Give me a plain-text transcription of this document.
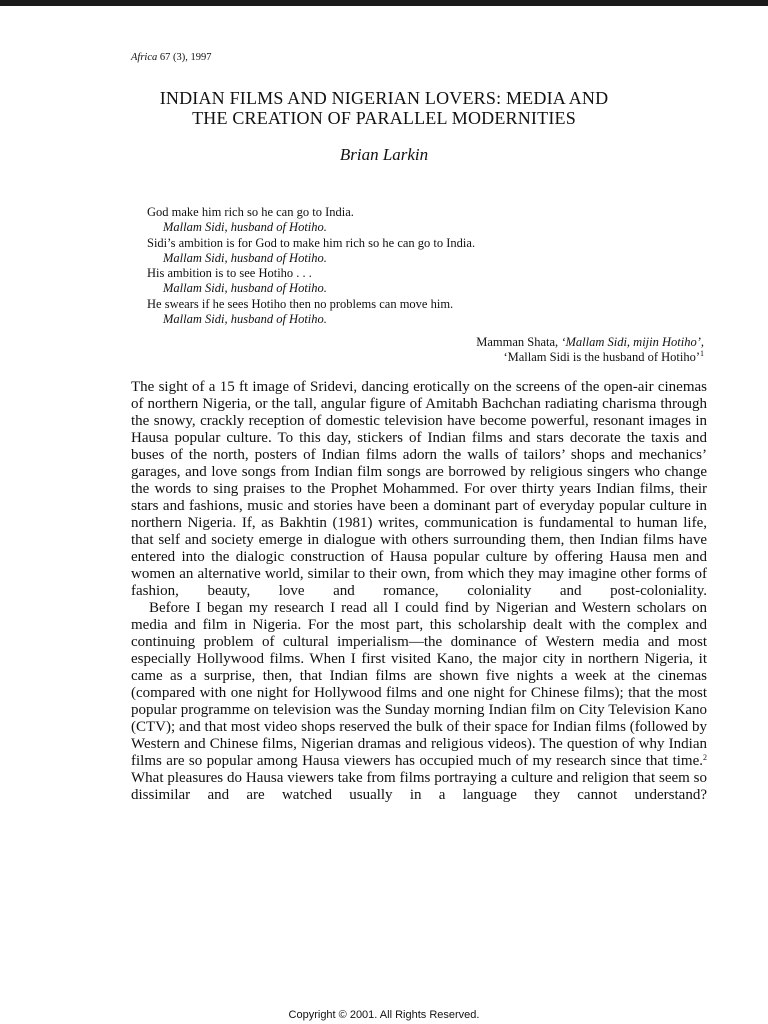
Africa 67 (3), 1997
INDIAN FILMS AND NIGERIAN LOVERS: MEDIA AND
THE CREATION OF PARALLEL MODERNITIES
Brian Larkin
God make him rich so he can go to India.
Mallam Sidi, husband of Hotiho.
Sidi’s ambition is for God to make him rich so he can go to India.
Mallam Sidi, husband of Hotiho.
His ambition is to see Hotiho . . .
Mallam Sidi, husband of Hotiho.
He swears if he sees Hotiho then no problems can move him.
Mallam Sidi, husband of Hotiho.
Mamman Shata, ‘Mallam Sidi, mijin Hotiho’,
‘Mallam Sidi is the husband of Hotiho’$^1$
The sight of a 15 ft image of Sridevi, dancing erotically on the screens of the open-air cinemas of northern Nigeria, or the tall, angular figure of Amitabh Bachchan radiating charisma through the snowy, crackly reception of domestic television have become powerful, resonant images in Hausa popular culture. To this day, stickers of Indian films and stars decorate the taxis and buses of the north, posters of Indian films adorn the walls of tailors’ shops and mechanics’ garages, and love songs from Indian film songs are borrowed by religious singers who change the words to sing praises to the Prophet Mohammed. For over thirty years Indian films, their stars and fashions, music and stories have been a dominant part of everyday popular culture in northern Nigeria. If, as Bakhtin (1981) writes, communication is fundamental to human life, that self and society emerge in dialogue with others surrounding them, then Indian films have entered into the dialogic construction of Hausa popular culture by offering Hausa men and women an alternative world, similar to their own, from which they may imagine other forms of fashion, beauty, love and romance, coloniality and post-coloniality.
Before I began my research I read all I could find by Nigerian and Western scholars on media and film in Nigeria. For the most part, this scholarship dealt with the complex and continuing problem of cultural imperialism—the dominance of Western media and most especially Hollywood films. When I first visited Kano, the major city in northern Nigeria, it came as a surprise, then, that Indian films are shown five nights a week at the cinemas (compared with one night for Hollywood films and one night for Chinese films); that the most popular programme on television was the Sunday morning Indian film on City Television Kano (CTV); and that most video shops reserved the bulk of their space for Indian films (followed by Western and Chinese films, Nigerian dramas and religious videos). The question of why Indian films are so popular among Hausa viewers has occupied much of my research since that time.$^2$ What pleasures do Hausa viewers take from films portraying a culture and religion that seem so dissimilar and are watched usually in a language they cannot understand?
Copyright © 2001. All Rights Reserved.
